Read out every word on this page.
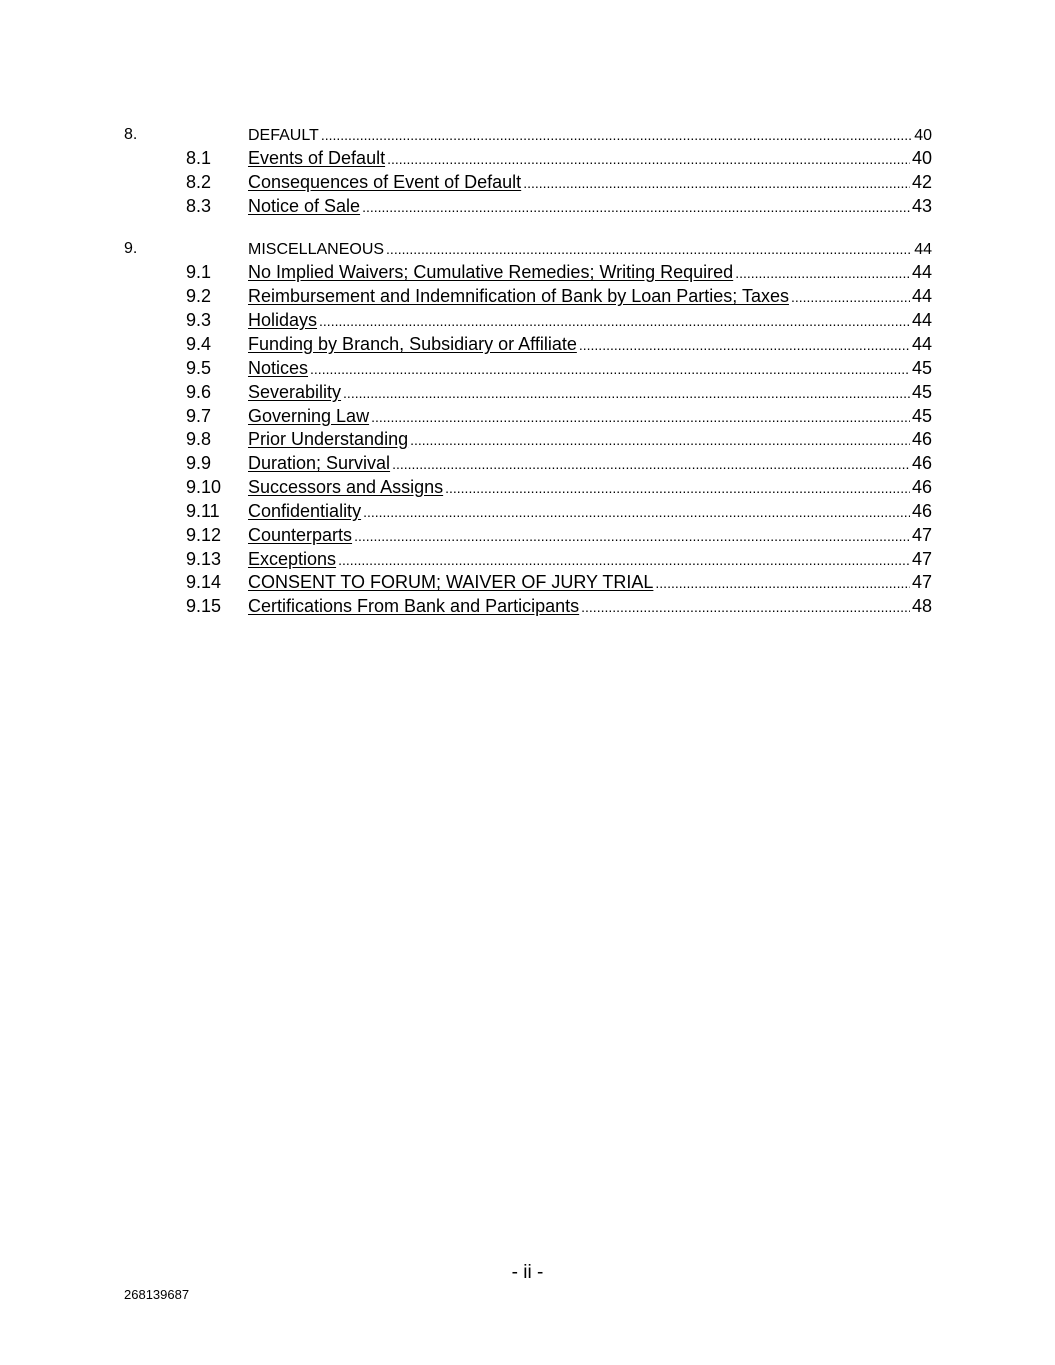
8.	DEFAULT .....	40
8.1 Events of Default .....	40
8.2 Consequences of Event of Default .....	42
8.3 Notice of Sale .....	43
9.	MISCELLANEOUS .....	44
9.1 No Implied Waivers; Cumulative Remedies; Writing Required .....	44
9.2 Reimbursement and Indemnification of Bank by Loan Parties; Taxes .....	44
9.3 Holidays .....	44
9.4 Funding by Branch, Subsidiary or Affiliate .....	44
9.5 Notices .....	45
9.6 Severability .....	45
9.7 Governing Law .....	45
9.8 Prior Understanding .....	46
9.9 Duration; Survival .....	46
9.10 Successors and Assigns .....	46
9.11 Confidentiality .....	46
9.12 Counterparts .....	47
9.13 Exceptions .....	47
9.14 CONSENT TO FORUM; WAIVER OF JURY TRIAL .....	47
9.15 Certifications From Bank and Participants .....	48
- ii -
268139687
